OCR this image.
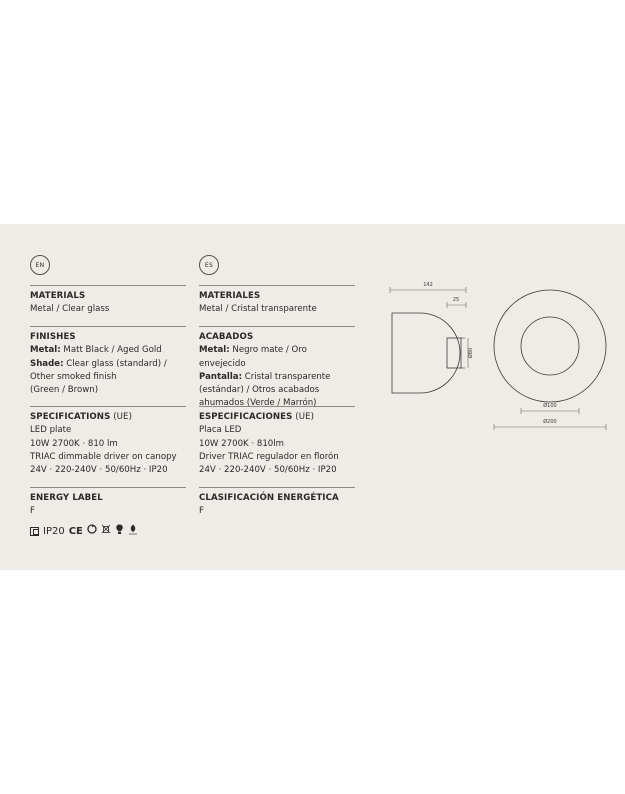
EN
MATERIALS

Metal / Clear glass

FINISHES

Metal: Matt Black / Aged Gold

Shade: Clear glass (standard) /

Other smoked finish

(Green / Brown)

SPECIFICATIONS (UE)

LED plate

10W 2700K · 810 lm

TRIAC dimmable driver on canopy

24V · 220-240V · 50/60Hz · IP20

ENERGY LABEL

F

IP20 CE
ES
MATERIALES

Metal / Cristal transparente

ACABADOS

Metal: Negro mate / Oro envejecido

Pantalla: Cristal transparente

(estándar) / Otros acabados

ahumados (Verde / Marrón)

ESPECIFICACIONES (UE)

Placa LED

10W 2700K · 810lm

Driver TRIAC regulador en florón

24V · 220-240V · 50/60Hz · IP20

CLASIFICACIÓN ENERGÉTICA

F

142
25
Ø80
Ø100
Ø200
